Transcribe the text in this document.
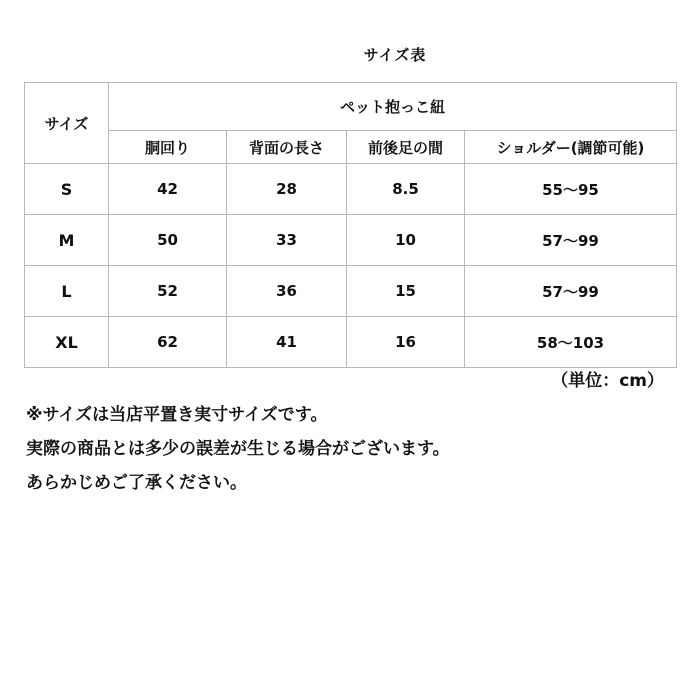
サイズ表
サイズ	ペット抱っこ紐			
	胴回り	背面の長さ	前後足の間	ショルダー(調節可能)
S	42	28	8.5	55〜95
M	50	33	10	57〜99
L	52	36	15	57〜99
XL	62	41	16	58〜103
（単位：cm）
※サイズは当店平置き実寸サイズです。
実際の商品とは多少の誤差が生じる場合がございます。
あらかじめご了承ください。
